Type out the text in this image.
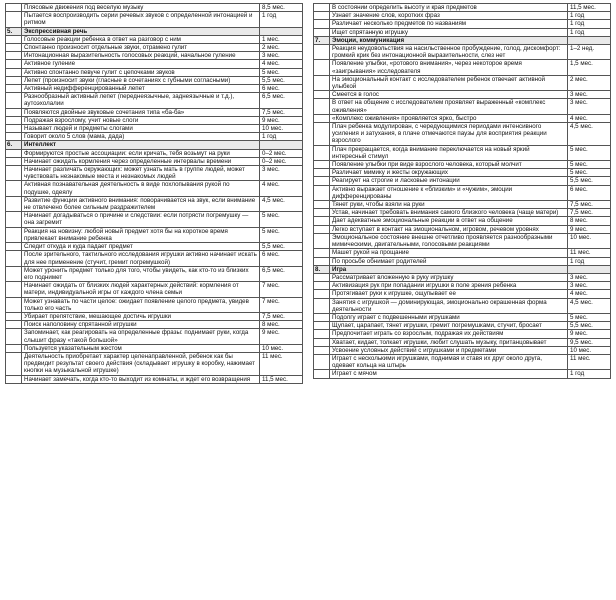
	Плясовые движения под веселую музыку	8,5 мес.
	Пытается воспроизводить серии речевых звуков с определенной интонацией и ритмом	1 год
5.	Экспрессивная речь	
	Голосовые реакции ребенка в ответ на разговор с ним	1 мес.
	Спонтанно произносит отдельные звуки, отрамено гулит	2 мес.
	Интонационная выразительность голосовых реакций, начальное гуление	3 мес.
	Активное гуление	4 мес.
	Активно спонтанно певуче гулит с цепочками звуков	5 мес.
	Лепет (произносит звуки (гласные в сочетаниях с губными согласными)	5,5 мес.
	Активный недифференцированный лепет	6 мес.
	Разнообразный активный лепет (переднеязычные, заднеязычные и т.д.), аутоэхолалии	6,5 мес.
	Появляются двойные звуковые сочетания типа «ба-ба»	7,5 мес.
	Подражая взрослому, учит новые слоги	9 мес.
	Называет людей и предметы слогами	10 мес.
	Говорит около 5 слов (мама, дада)	1 год
6.	Интеллект	
	Формируются простые ассоциации: если кричать, тебя возьмут на руки	0–2 мес.
	Начинает ожидать кормления через определенные интервалы времени	0–2 мес.
	Начинает различать окружающих: может узнать мать в группе людей, может чувствовать незнакомые места и незнакомых людей	3 мес.
	Активная познавательная деятельность в виде похлопывания рукой по подушке, одеялу	4 мес.
	Развитие функции активного внимания: поворачивается на звук, если внимание не отвлечено более сильным раздражителем	4,5 мес.
	Начинает догадываться о причине и следствии: если потрясти погремушку — она загремит	5 мес.
	Реакция на новизну: любой новый предмет хотя бы на короткое время привлекает внимание ребенка	5 мес.
	Следит откуда и куда падает предмет	5,5 мес.
	После зрительного, тактильного исследования игрушки активно начинает искать для нее применение (стучит, гремит погремушкой)	6 мес.
	Может уронить предмет только для того, чтобы увидеть, как кто-то из близких его поднимет	6,5 мес.
	Начинает ожидать от близких людей характерных действий: кормления от матери, индивидуальной игры от каждого члена семьи	7 мес.
	Может узнавать по части целое: ожидает появление целого предмета, увидев только его часть	7 мес.
	Убирает препятствие, мешающее достичь игрушки	7,5 мес.
	Поиск наполовину спрятанной игрушки	8 мес.
	Запоминает, как реагировать на определенные фразы: поднимает руки, когда слышит фразу «такой большой»	9 мес.
	Пользуется указательным жестом	10 мес.
	Деятельность приобретает характер целенаправленной, ребенок как бы предвидит результат своего действия (складывает игрушку в коробку, нажимает кнопки на музыкальной игрушке)	11 мес.
	Начинает замечать, когда кто-то выходит из комнаты, и ждет его возвращения	11,5 мес.
	В состоянии определить высоту и края предметов	11,5 мес.
	Узнает значение слов, коротких фраз	1 год
	Различает несколько предметов по названиям	1 год
	Ищет спрятанную игрушку	1 год
7.	Эмоции, коммуникация	
	Реакция неудовольствия на насильственное пробуждение, голод, дискомфорт: громкий крик без интонационной выразительности, слез нет	1–2 нед.
	Появление улыбки, «ротового внимания», через некоторое время «заигрывания» исследователя	1,5 мес.
	На эмоциональный контакт с исследователем ребенок отвечает активной улыбкой	2 мес.
	Смеется в голос	3 мес.
	В ответ на общение с исследователем проявляет выраженный «комплекс оживления»	3 мес.
	«Комплекс оживления» проявляется ярко, быстро	4 мес.
	Плач ребенка модулирован, с чередующимися периодами интенсивного усиления и затухания, в плаче отмечаются паузы для восприятия реакции взрослого	4,5 мес.
	Плач прекращается, когда внимание переключается на новый яркий интересный стимул	5 мес.
	Появление улыбки при виде взрослого человека, который молчит	5 мес.
	Различает мимику и жесты окружающих	5 мес.
	Реагирует на строгие и ласковые интонации	5,5 мес.
	Активно выражает отношение к «близким» и «чужим», эмоции дифференцированы	6 мес.
	Тянет руки, чтобы взяли на руки	7,5 мес.
	Устав, начинает требовать внимания самого близкого человека (чаще матери)	7,5 мес.
	Дает адекватные эмоциональные реакции в ответ на общение	8 мес.
	Легко вступает в контакт на эмоциональном, игровом, речевом уровнях	9 мес.
	Эмоциональное состояние внешне отчетливо проявляется разнообразными мимическими, двигательными, голосовыми реакциями	10 мес.
	Машет рукой на прощание	11 мес.
	По просьбе обнимает родителей	1 год
8.	Игра	
	Рассматривает вложенную в руку игрушку	3 мес.
	Активизация рук при попадании игрушки в поле зрения ребенка	3 мес.
	Протягивает руки к игрушке, ощупывает ее	4 мес.
	Занятия с игрушкой — доминирующая, эмоционально окрашенная форма деятельности	4,5 мес.
	Подолгу играет с подвешенными игрушками	5 мес.
	Щупает, царапает, тянет игрушки, гремит погремушками, стучит, бросает	5,5 мес.
	Предпочитает играть со взрослым, подражая их действиям	9 мес.
	Хватает, кидает, толкает игрушки, любит слушать музыку, пританцовывает	9,5 мес.
	Усвоение условных действий с игрушками и предметами	10 мес.
	Играет с несколькими игрушками, поднимая и ставя их друг около друга, одевает кольца на штырь	11 мес.
	Играет с мячом	1 год
